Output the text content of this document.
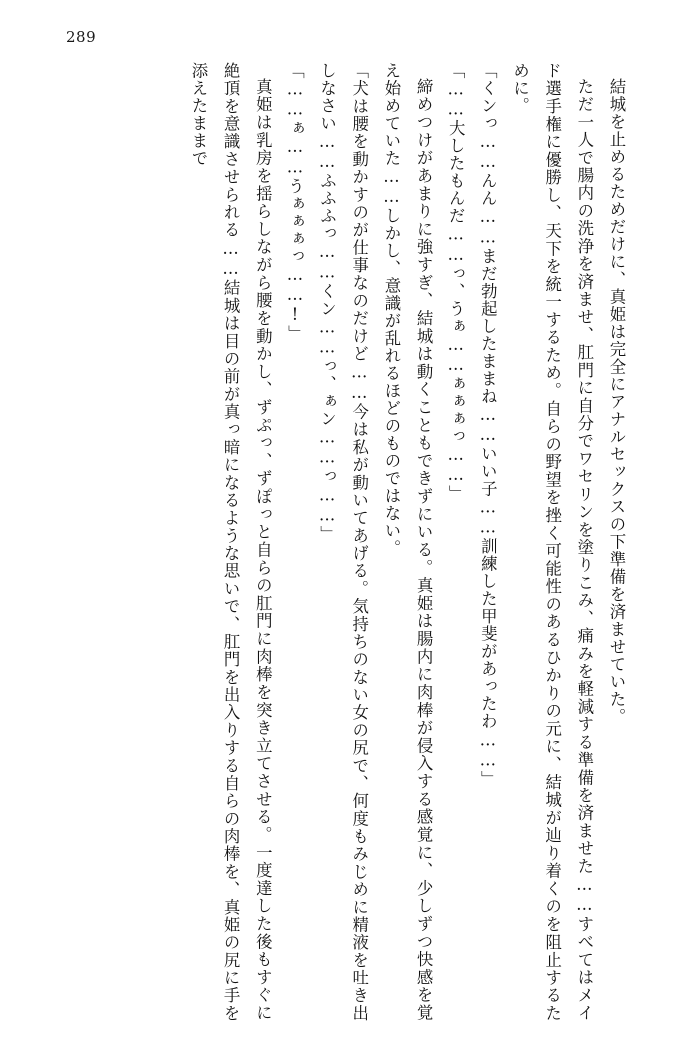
289

結城を止めるためだけに、真姫は完全にアナルセックスの下準備を済ませていた。

ただ一人で腸内の洗浄を済ませ、肛門に自分でワセリンを塗りこみ、痛みを軽減する準備を済ませた……すべてはメイド選手権に優勝し、天下を統一するため。自らの野望を挫く可能性のあるひかりの元に、結城が辿り着くのを阻止するために。

「くンっ……んん……まだ勃起したままね……いい子……訓練した甲斐があったわ……」

「……大したもんだ……っ、うぁ……ぁぁぁっ……」

締めつけがあまりに強すぎ、結城は動くこともできずにいる。真姫は腸内に肉棒が侵入する感覚に、少しずつ快感を覚え始めていた……しかし、意識が乱れるほどのものではない。

「犬は腰を動かすのが仕事なのだけど……今は私が動いてあげる。気持ちのない女の尻で、何度もみじめに精液を吐き出しなさい……ふふふっ……くン……っ、ぁン……っ……」

「……ぁ……うぁぁぁっ……!」

真姫は乳房を揺らしながら腰を動かし、ずぷっ、ずぽっと自らの肛門に肉棒を突き立てさせる。一度達した後もすぐに絶頂を意識させられる……結城は目の前が真っ暗になるような思いで、肛門を出入りする自らの肉棒を、真姫の尻に手を添えたままで
